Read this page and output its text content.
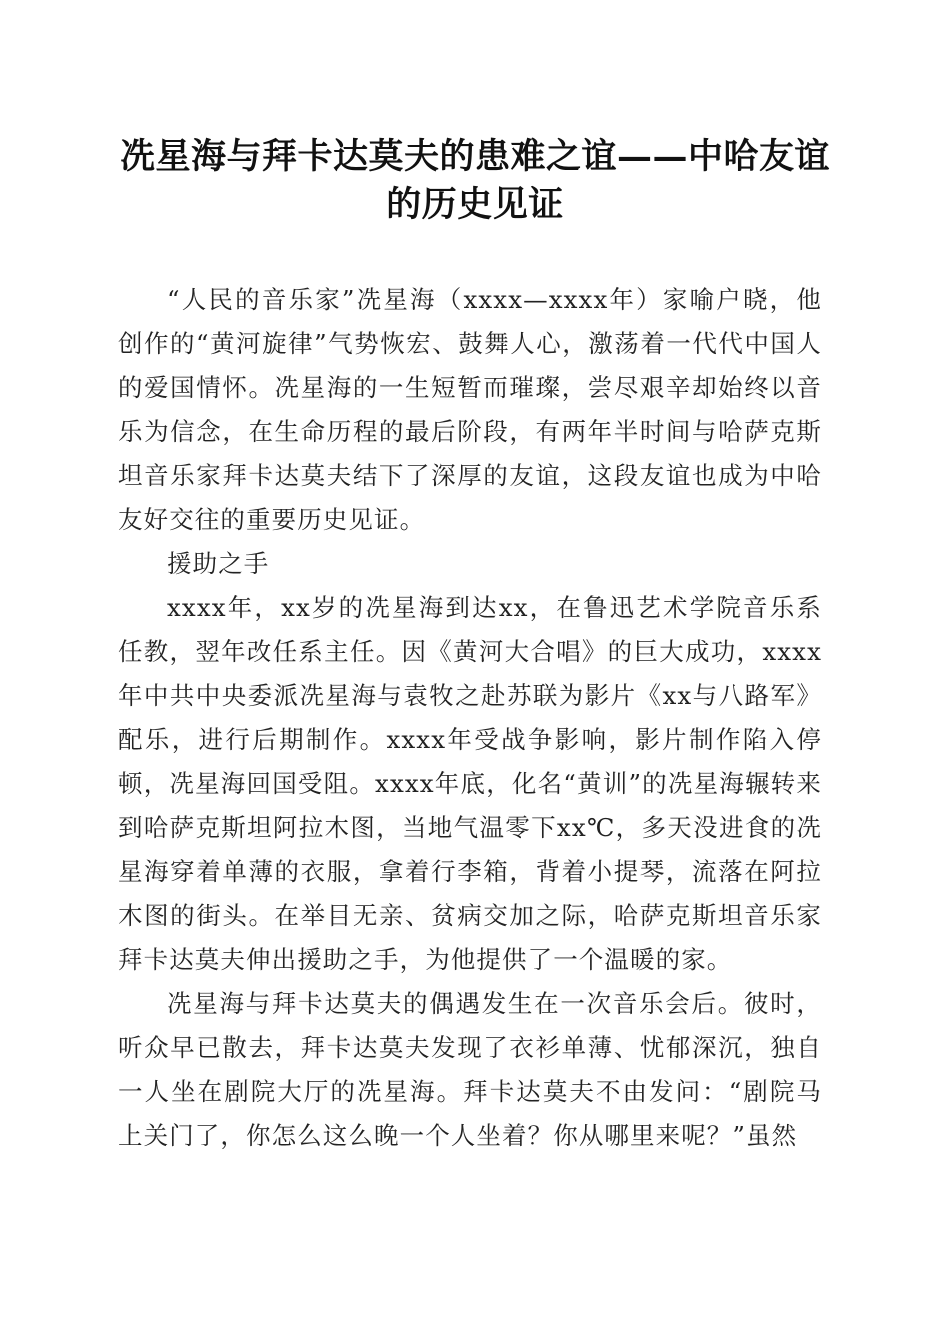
冼星海与拜卡达莫夫的患难之谊——中哈友谊的历史见证

“人民的音乐家”冼星海（xxxx—xxxx年）家喻户晓，他创作的“黄河旋律”气势恢宏、鼓舞人心，激荡着一代代中国人的爱国情怀。冼星海的一生短暂而璀璨，尝尽艰辛却始终以音乐为信念，在生命历程的最后阶段，有两年半时间与哈萨克斯坦音乐家拜卡达莫夫结下了深厚的友谊，这段友谊也成为中哈友好交往的重要历史见证。

援助之手

xxxx年，xx岁的冼星海到达xx，在鲁迅艺术学院音乐系任教，翌年改任系主任。因《黄河大合唱》的巨大成功，xxxx年中共中央委派冼星海与袁牧之赴苏联为影片《xx与八路军》配乐，进行后期制作。xxxx年受战争影响，影片制作陷入停顿，冼星海回国受阻。xxxx年底，化名“黄训”的冼星海辗转来到哈萨克斯坦阿拉木图，当地气温零下xx℃，多天没进食的冼星海穿着单薄的衣服，拿着行李箱，背着小提琴，流落在阿拉木图的街头。在举目无亲、贫病交加之际，哈萨克斯坦音乐家拜卡达莫夫伸出援助之手，为他提供了一个温暖的家。

冼星海与拜卡达莫夫的偶遇发生在一次音乐会后。彼时，听众早已散去，拜卡达莫夫发现了衣衫单薄、忧郁深沉，独自一人坐在剧院大厅的冼星海。拜卡达莫夫不由发问：“剧院马上关门了，你怎么这么晚一个人坐着？你从哪里来呢？”虽然
